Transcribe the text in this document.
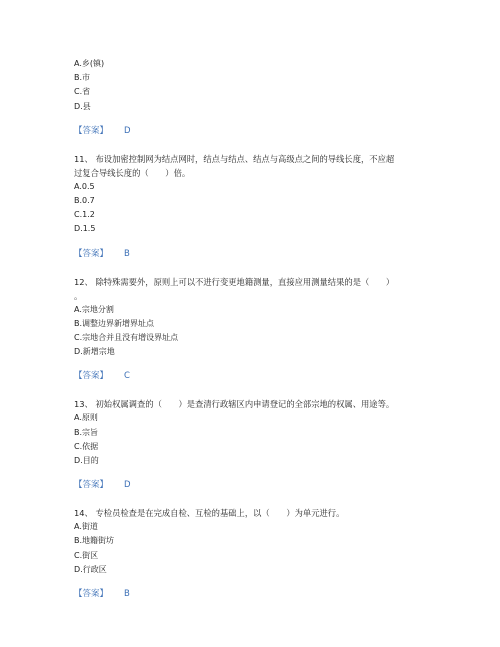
A.乡(镇)
B.市
C.省
D.县
【答案】 D
11、 布设加密控制网为结点网时，结点与结点、结点与高级点之间的导线长度，不应超
过复合导线长度的（　　）倍。
A.0.5
B.0.7
C.1.2
D.1.5
【答案】 B
12、 除特殊需要外，原则上可以不进行变更地籍测量，直接应用测量结果的是（　　）
。
A.宗地分割
B.调整边界新增界址点
C.宗地合并且没有增设界址点
D.新增宗地
【答案】 C
13、 初始权属调查的（　　）是查清行政辖区内申请登记的全部宗地的权属、用途等。
A.原则
B.宗旨
C.依据
D.目的
【答案】 D
14、 专检员检查是在完成自检、互检的基础上，以（　　）为单元进行。
A.街道
B.地籍街坊
C.街区
D.行政区
【答案】 B
